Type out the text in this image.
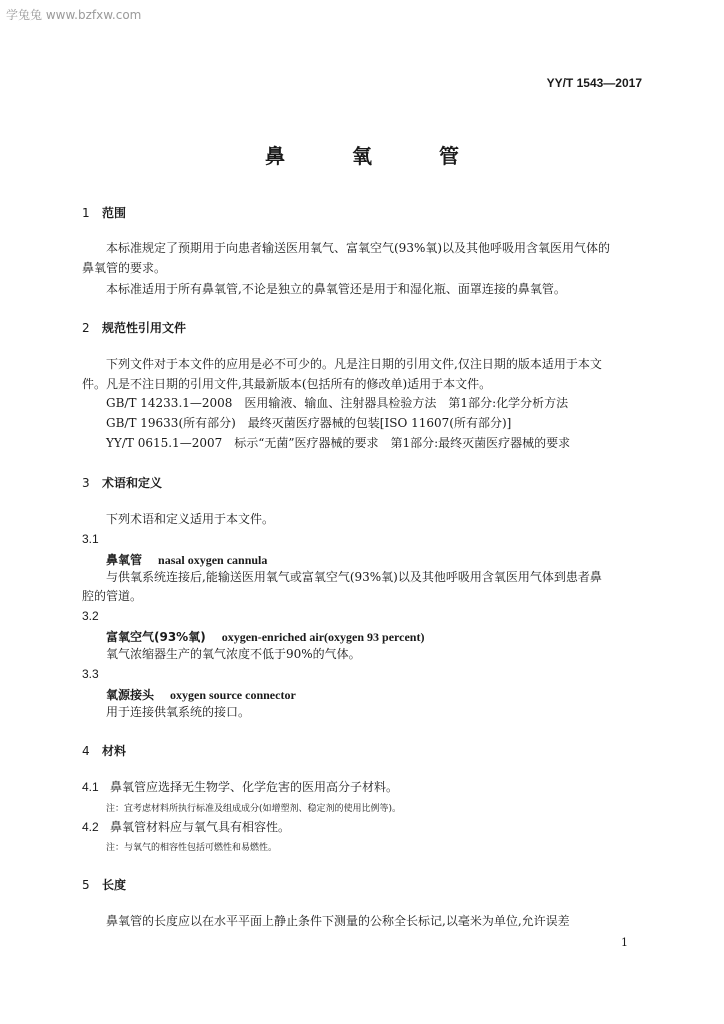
学兔兔 www.bzfxw.com
YY/T 1543—2017
鼻 氧 管
1 范围
本标准规定了预期用于向患者输送医用氧气、富氧空气(93%氧)以及其他呼吸用含氧医用气体的
鼻氧管的要求。
本标准适用于所有鼻氧管,不论是独立的鼻氧管还是用于和湿化瓶、面罩连接的鼻氧管。
2 规范性引用文件
下列文件对于本文件的应用是必不可少的。凡是注日期的引用文件,仅注日期的版本适用于本文
件。凡是不注日期的引用文件,其最新版本(包括所有的修改单)适用于本文件。
GB/T 14233.1—2008　医用输液、输血、注射器具检验方法　第1部分:化学分析方法
GB/T 19633(所有部分)　最终灭菌医疗器械的包装[ISO 11607(所有部分)]
YY/T 0615.1—2007　标示“无菌”医疗器械的要求　第1部分:最终灭菌医疗器械的要求
3 术语和定义
下列术语和定义适用于本文件。
3.1
鼻氧管 nasal oxygen cannula
与供氧系统连接后,能输送医用氧气或富氧空气(93%氧)以及其他呼吸用含氧医用气体到患者鼻
腔的管道。
3.2
富氧空气(93%氧) oxygen-enriched air(oxygen 93 percent)
氧气浓缩器生产的氧气浓度不低于90%的气体。
3.3
氧源接头 oxygen source connector
用于连接供氧系统的接口。
4 材料
4.1 鼻氧管应选择无生物学、化学危害的医用高分子材料。
注：宜考虑材料所执行标准及组成成分(如增塑剂、稳定剂的使用比例等)。
4.2 鼻氧管材料应与氧气具有相容性。
注：与氧气的相容性包括可燃性和易燃性。
5 长度
鼻氧管的长度应以在水平平面上静止条件下测量的公称全长标记,以毫米为单位,允许误差
1
